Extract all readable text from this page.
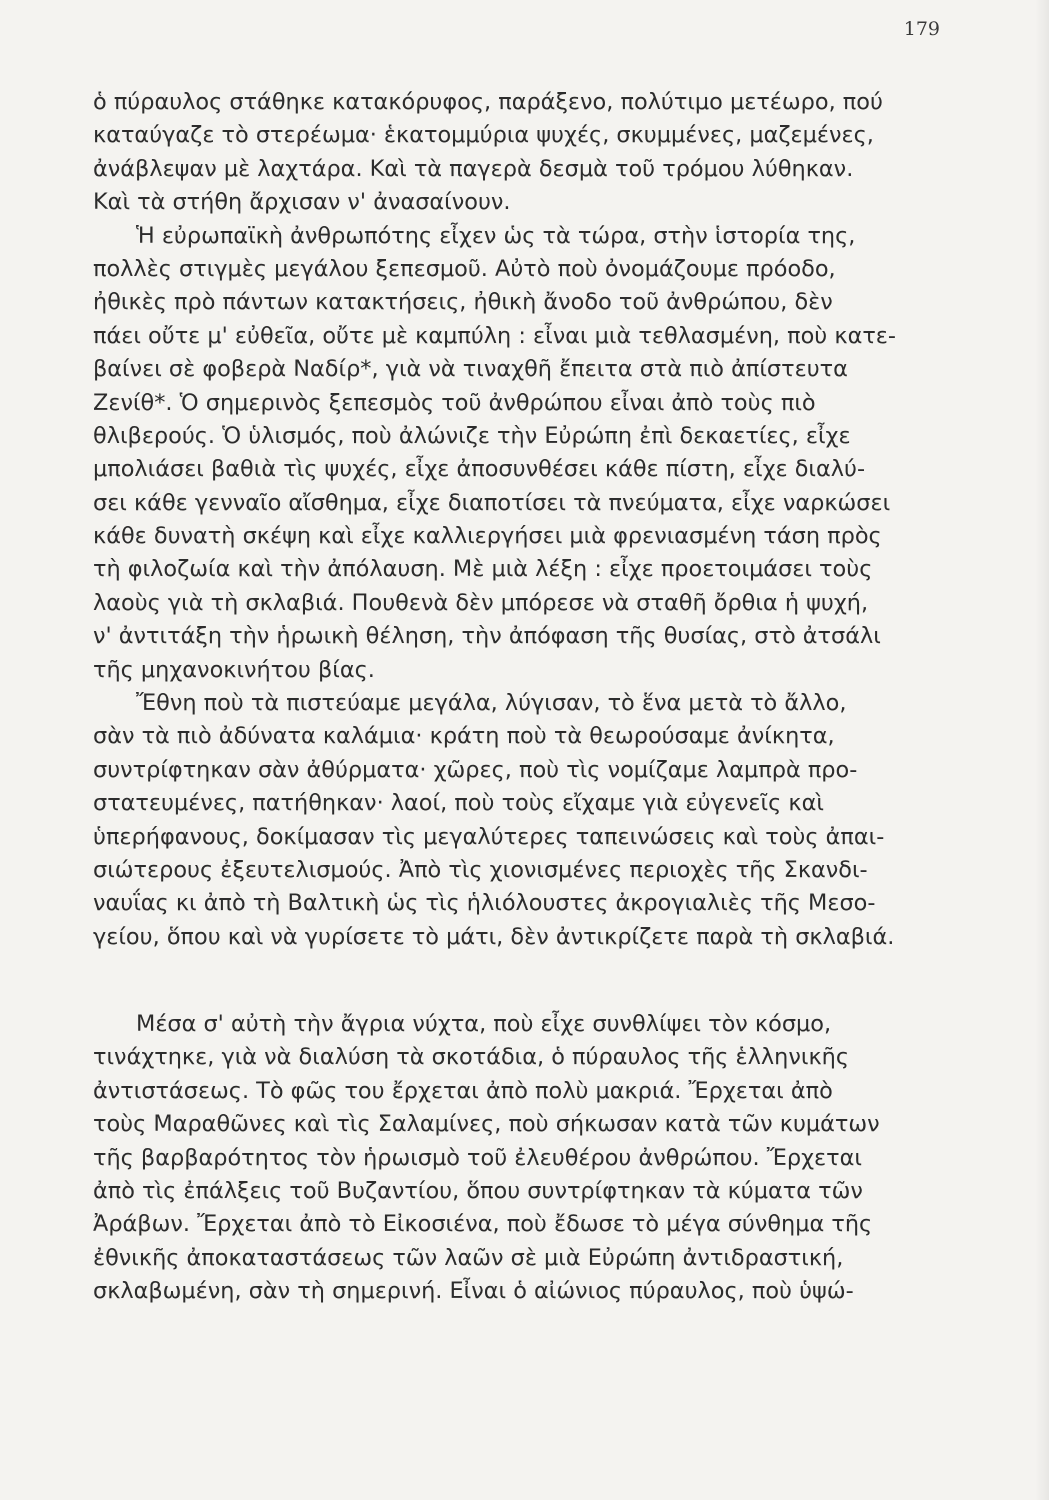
179
ὁ πύραυλος στάθηκε κατακόρυφος, παράξενο, πολύτιμο μετέωρο, πού
καταύγαζε τὸ στερέωμα· ἑκατομμύρια ψυχές, σκυμμένες, μαζεμένες,
ἀνάβλεψαν μὲ λαχτάρα. Καὶ τὰ παγερὰ δεσμὰ τοῦ τρόμου λύθηκαν.
Καὶ τὰ στήθη ἄρχισαν ν' ἀνασαίνουν.
Ἡ εὐρωπαϊκὴ ἀνθρωπότης εἶχεν ὡς τὰ τώρα, στὴν ἱστορία της,
πολλὲς στιγμὲς μεγάλου ξεπεσμοῦ. Αὐτὸ ποὺ ὀνομάζουμε πρόοδο,
ἠθικὲς πρὸ πάντων κατακτήσεις, ἠθικὴ ἄνοδο τοῦ ἀνθρώπου, δὲν
πάει οὔτε μ' εὐθεῖα, οὔτε μὲ καμπύλη : εἶναι μιὰ τεθλασμένη, ποὺ κατε-
βαίνει σὲ φοβερὰ Ναδίρ*, γιὰ νὰ τιναχθῆ ἔπειτα στὰ πιὸ ἀπίστευτα
Ζενίθ*. Ὁ σημερινὸς ξεπεσμὸς τοῦ ἀνθρώπου εἶναι ἀπὸ τοὺς πιὸ
θλιβερούς. Ὁ ὑλισμός, ποὺ ἀλώνιζε τὴν Εὐρώπη ἐπὶ δεκαετίες, εἶχε
μπολιάσει βαθιὰ τὶς ψυχές, εἶχε ἀποσυνθέσει κάθε πίστη, εἶχε διαλύ-
σει κάθε γενναῖο αἴσθημα, εἶχε διαποτίσει τὰ πνεύματα, εἶχε ναρκώσει
κάθε δυνατὴ σκέψη καὶ εἶχε καλλιεργήσει μιὰ φρενιασμένη τάση πρὸς
τὴ φιλοζωία καὶ τὴν ἀπόλαυση. Μὲ μιὰ λέξη : εἶχε προετοιμάσει τοὺς
λαοὺς γιὰ τὴ σκλαβιά. Πουθενὰ δὲν μπόρεσε νὰ σταθῆ ὄρθια ἡ ψυχή,
ν' ἀντιτάξη τὴν ἡρωικὴ θέληση, τὴν ἀπόφαση τῆς θυσίας, στὸ ἀτσάλι
τῆς μηχανοκινήτου βίας.
Ἔθνη ποὺ τὰ πιστεύαμε μεγάλα, λύγισαν, τὸ ἕνα μετὰ τὸ ἄλλο,
σὰν τὰ πιὸ ἀδύνατα καλάμια· κράτη ποὺ τὰ θεωρούσαμε ἀνίκητα,
συντρίφτηκαν σὰν ἀθύρματα· χῶρες, ποὺ τὶς νομίζαμε λαμπρὰ προ-
στατευμένες, πατήθηκαν· λαοί, ποὺ τοὺς εἴχαμε γιὰ εὐγενεῖς καὶ
ὑπερήφανους, δοκίμασαν τὶς μεγαλύτερες ταπεινώσεις καὶ τοὺς ἀπαι-
σιώτερους ἐξευτελισμούς. Ἀπὸ τὶς χιονισμένες περιοχὲς τῆς Σκανδι-
ναυΐας κι ἀπὸ τὴ Βαλτικὴ ὡς τὶς ἡλιόλουστες ἀκρογιαλιὲς τῆς Μεσο-
γείου, ὅπου καὶ νὰ γυρίσετε τὸ μάτι, δὲν ἀντικρίζετε παρὰ τὴ σκλαβιά.
Μέσα σ' αὐτὴ τὴν ἄγρια νύχτα, ποὺ εἶχε συνθλίψει τὸν κόσμο,
τινάχτηκε, γιὰ νὰ διαλύση τὰ σκοτάδια, ὁ πύραυλος τῆς ἑλληνικῆς
ἀντιστάσεως. Τὸ φῶς του ἔρχεται ἀπὸ πολὺ μακριά. Ἔρχεται ἀπὸ
τοὺς Μαραθῶνες καὶ τὶς Σαλαμίνες, ποὺ σήκωσαν κατὰ τῶν κυμάτων
τῆς βαρβαρότητος τὸν ἡρωισμὸ τοῦ ἐλευθέρου ἀνθρώπου. Ἔρχεται
ἀπὸ τὶς ἐπάλξεις τοῦ Βυζαντίου, ὅπου συντρίφτηκαν τὰ κύματα τῶν
Ἀράβων. Ἔρχεται ἀπὸ τὸ Εἰκοσιένα, ποὺ ἔδωσε τὸ μέγα σύνθημα τῆς
ἐθνικῆς ἀποκαταστάσεως τῶν λαῶν σὲ μιὰ Εὐρώπη ἀντιδραστική,
σκλαβωμένη, σὰν τὴ σημερινή. Εἶναι ὁ αἰώνιος πύραυλος, ποὺ ὑψώ-
